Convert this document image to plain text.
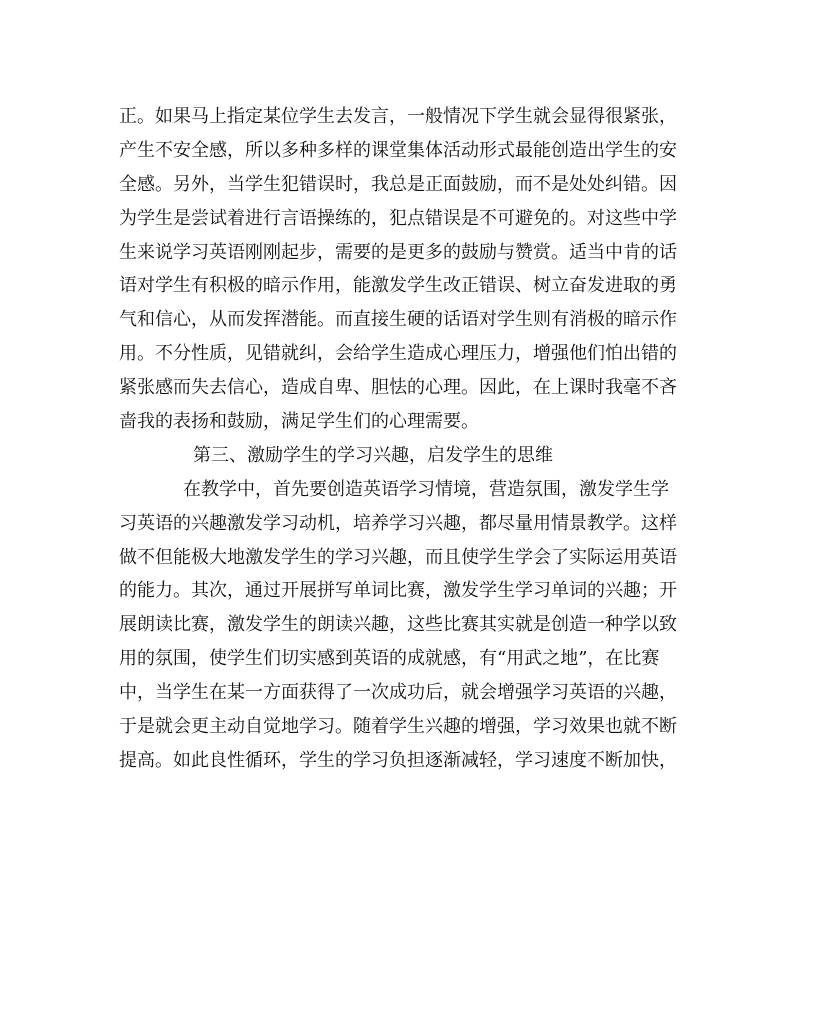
正。如果马上指定某位学生去发言，一般情况下学生就会显得很紧张，
产生不安全感，所以多种多样的课堂集体活动形式最能创造出学生的安
全感。另外，当学生犯错误时，我总是正面鼓励，而不是处处纠错。因
为学生是尝试着进行言语操练的，犯点错误是不可避免的。对这些中学
生来说学习英语刚刚起步，需要的是更多的鼓励与赞赏。适当中肯的话
语对学生有积极的暗示作用，能激发学生改正错误、树立奋发进取的勇
气和信心，从而发挥潜能。而直接生硬的话语对学生则有消极的暗示作
用。不分性质，见错就纠，会给学生造成心理压力，增强他们怕出错的
紧张感而失去信心，造成自卑、胆怯的心理。因此，在上课时我毫不吝
啬我的表扬和鼓励，满足学生们的心理需要。
第三、激励学生的学习兴趣，启发学生的思维
在教学中，首先要创造英语学习情境，营造氛围，激发学生学
习英语的兴趣激发学习动机，培养学习兴趣，都尽量用情景教学。这样
做不但能极大地激发学生的学习兴趣，而且使学生学会了实际运用英语
的能力。其次，通过开展拼写单词比赛，激发学生学习单词的兴趣；开
展朗读比赛，激发学生的朗读兴趣，这些比赛其实就是创造一种学以致
用的氛围，使学生们切实感到英语的成就感，有“用武之地”，在比赛
中，当学生在某一方面获得了一次成功后，就会增强学习英语的兴趣，
于是就会更主动自觉地学习。随着学生兴趣的增强，学习效果也就不断
提高。如此良性循环，学生的学习负担逐渐减轻，学习速度不断加快，
